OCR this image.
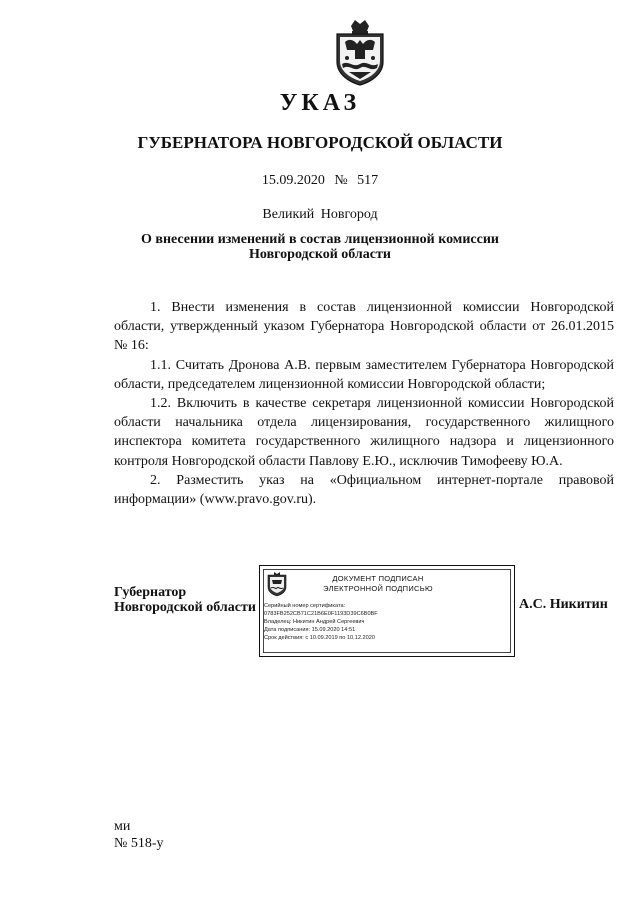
УКАЗ
ГУБЕРНАТОРА НОВГОРОДСКОЙ ОБЛАСТИ
15.09.2020 № 517
Великий Новгород
О внесении изменений в состав лицензионной комиссии
Новгородской области

1. Внести изменения в состав лицензионной комиссии Новгородской области, утвержденный указом Губернатора Новгородской области от 26.01.2015 № 16:

1.1. Считать Дронова А.В. первым заместителем Губернатора Новгородской области, председателем лицензионной комиссии Новгородской области;

1.2. Включить в качестве секретаря лицензионной комиссии Новгородской области начальника отдела лицензирования, государственного жилищного инспектора комитета государственного жилищного надзора и лицензионного контроля Новгородской области Павлову Е.Ю., исключив Тимофееву Ю.А.

2. Разместить указ на «Официальном интернет-портале правовой информации» (www.pravo.gov.ru).

Губернатор
Новгородской области
ДОКУМЕНТ ПОДПИСАН
ЭЛЕКТРОННОЙ ПОДПИСЬЮ
Серийный номер сертификата:
0783FB252CB71C21B6E0F1193D39C6B0BF
Владелец: Никитин Андрей Сергеевич
Дата подписания: 15.09.2020 14:51
Срок действия: с 10.09.2019 по 10.12.2020
А.С. Никитин
ми
№ 518-у
